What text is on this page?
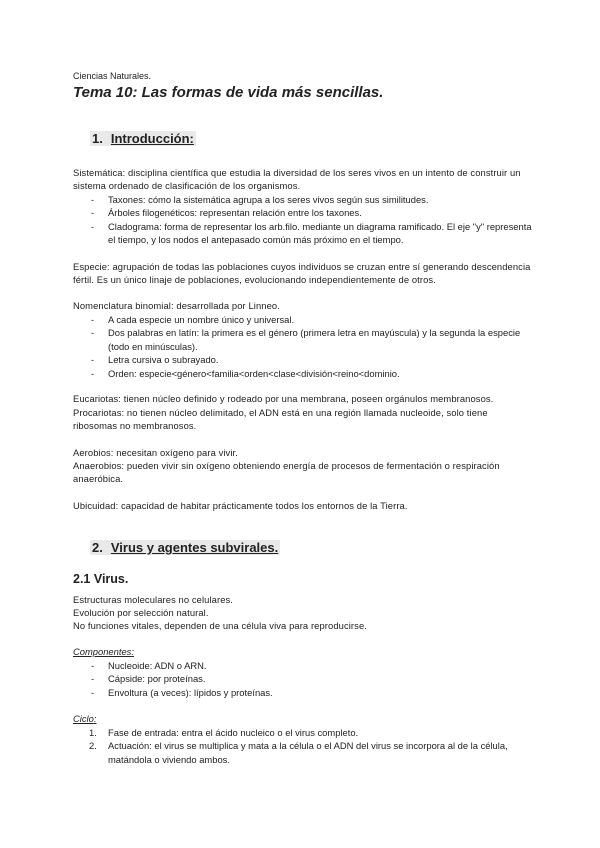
Ciencias Naturales.
Tema 10: Las formas de vida más sencillas.
1. Introducción:

Sistemática: disciplina científica que estudia la diversidad de los seres vivos en un intento de construir un sistema ordenado de clasificación de los organismos.

- Taxones: cómo la sistemática agrupa a los seres vivos según sus similitudes.
- Árboles filogenéticos: representan relación entre los taxones.
- Cladograma: forma de representar los arb.filo. mediante un diagrama ramificado. El eje "y" representa el tiempo, y los nodos el antepasado común más próximo en el tiempo.

Especie: agrupación de todas las poblaciones cuyos individuos se cruzan entre sí generando descendencia fértil. Es un único linaje de poblaciones, evolucionando independientemente de otros.

Nomenclatura binomial: desarrollada por Linneo.

- A cada especie un nombre único y universal.
- Dos palabras en latín: la primera es el género (primera letra en mayúscula) y la segunda la especie (todo en minúsculas).
- Letra cursiva o subrayado.
- Orden: especie<género<familia<orden<clase<división<reino<dominio.

Eucariotas: tienen núcleo definido y rodeado por una membrana, poseen orgánulos membranosos.

Procariotas: no tienen núcleo delimitado, el ADN está en una región llamada nucleoide, solo tiene ribosomas no membranosos.

Aerobios: necesitan oxígeno para vivir.

Anaerobios: pueden vivir sin oxígeno obteniendo energía de procesos de fermentación o respiración anaeróbica.

Ubicuidad: capacidad de habitar prácticamente todos los entornos de la Tierra.

2. Virus y agentes subvirales.
2.1 Virus.

Estructuras moleculares no celulares.

Evolución por selección natural.

No funciones vitales, dependen de una célula viva para reproducirse.

Componentes:
- Nucleoide: ADN o ARN.
- Cápside: por proteínas.
- Envoltura (a veces): lípidos y proteínas.
Ciclo:
1. Fase de entrada: entra el ácido nucleico o el virus completo.
2. Actuación: el virus se multiplica y mata a la célula o el ADN del virus se incorpora al de la célula, matándola o viviendo ambos.
